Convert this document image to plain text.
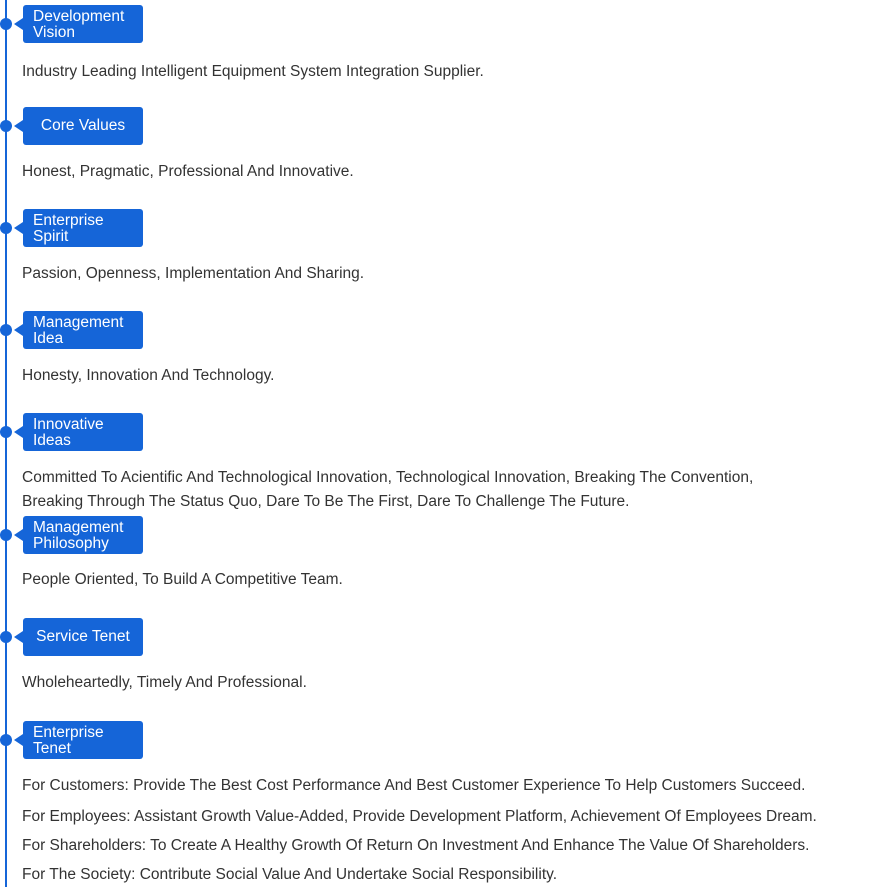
Development Vision
Industry Leading Intelligent Equipment System Integration Supplier.
Core Values
Honest, Pragmatic, Professional And Innovative.
Enterprise Spirit
Passion, Openness, Implementation And Sharing.
Management Idea
Honesty, Innovation And Technology.
Innovative Ideas
Committed To Acientific And Technological Innovation, Technological Innovation, Breaking The Convention,
Breaking Through The Status Quo, Dare To Be The First, Dare To Challenge The Future.
Management Philosophy
People Oriented, To Build A Competitive Team.
Service Tenet
Wholeheartedly, Timely And Professional.
Enterprise Tenet
For Customers: Provide The Best Cost Performance And Best Customer Experience To Help Customers Succeed.
For Employees: Assistant Growth Value-Added, Provide Development Platform, Achievement Of Employees Dream.
For Shareholders: To Create A Healthy Growth Of Return On Investment And Enhance The Value Of Shareholders.
For The Society: Contribute Social Value And Undertake Social Responsibility.
